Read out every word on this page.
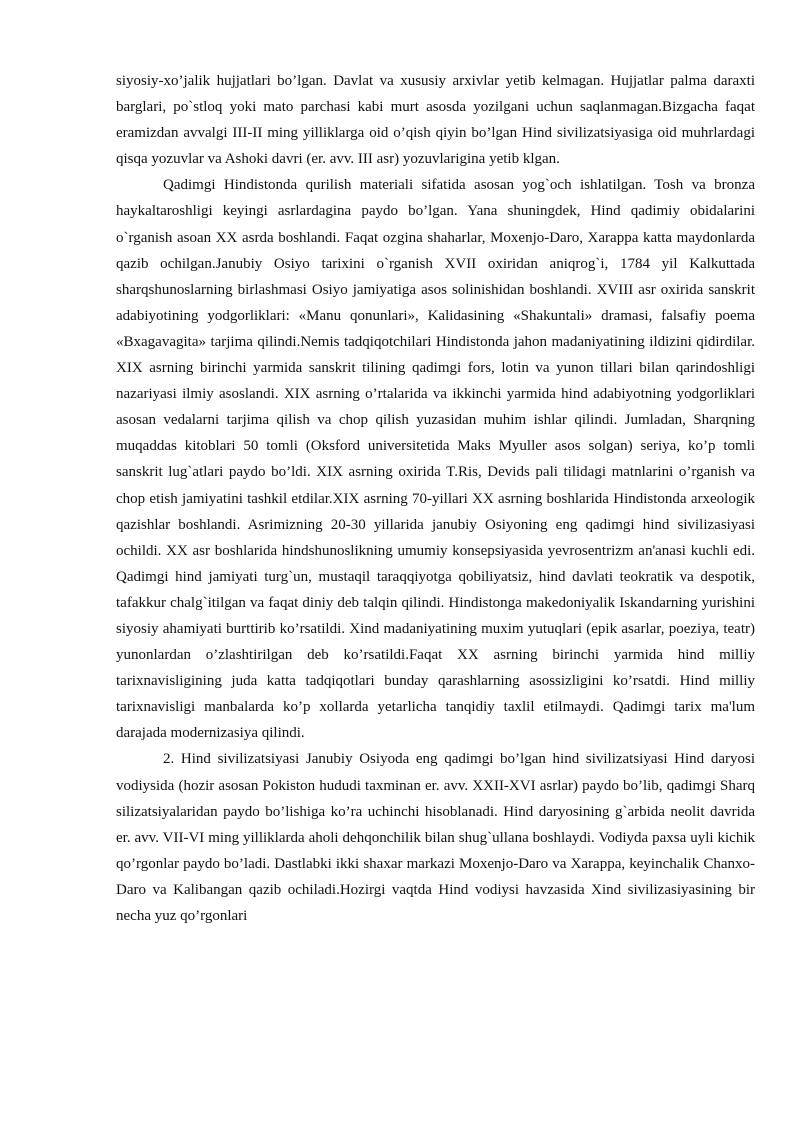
siyosiy-xo’jalik hujjatlari bo’lgan. Davlat va xususiy arxivlar yetib kelmagan. Hujjatlar palma daraxti barglari, po`stloq yoki mato parchasi kabi murt asosda yozilgani uchun saqlanmagan.Bizgacha faqat eramizdan avvalgi III-II ming yilliklarga oid o’qish qiyin bo’lgan Hind sivilizatsiyasiga oid muhrlardagi qisqa yozuvlar va Ashoki davri (er. avv. III asr) yozuvlarigina yetib klgan.

Qadimgi Hindistonda qurilish materiali sifatida asosan yog`och ishlatilgan. Tosh va bronza haykaltaroshligi keyingi asrlardagina paydo bo’lgan. Yana shuningdek, Hind qadimiy obidalarini o`rganish asoan XX asrda boshlandi. Faqat ozgina shaharlar, Moxenjo-Daro, Xarappa katta maydonlarda qazib ochilgan.Janubiy Osiyo tarixini o`rganish XVII oxiridan aniqrog`i, 1784 yil Kalkuttada sharqshunoslarning birlashmasi Osiyo jamiyatiga asos solinishidan boshlandi. XVIII asr oxirida sanskrit adabiyotining yodgorliklari: «Manu qonunlari», Kalidasining «Shakuntali» dramasi, falsafiy poema «Bxagavagita» tarjima qilindi.Nemis tadqiqotchilari Hindistonda jahon madaniyatining ildizini qidirdilar. XIX asrning birinchi yarmida sanskrit tilining qadimgi fors, lotin va yunon tillari bilan qarindoshligi nazariyasi ilmiy asoslandi. XIX asrning o’rtalarida va ikkinchi yarmida hind adabiyotning yodgorliklari asosan vedalarni tarjima qilish va chop qilish yuzasidan muhim ishlar qilindi. Jumladan, Sharqning muqaddas kitoblari 50 tomli (Oksford universitetida Maks Myuller asos solgan) seriya, ko’p tomli sanskrit lug`atlari paydo bo’ldi. XIX asrning oxirida T.Ris, Devids pali tilidagi matnlarini o’rganish va chop etish jamiyatini tashkil etdilar.XIX asrning 70-yillari XX asrning boshlarida Hindistonda arxeologik qazishlar boshlandi. Asrimizning 20-30 yillarida janubiy Osiyoning eng qadimgi hind sivilizasiyasi ochildi. XX asr boshlarida hindshunoslikning umumiy konsepsiyasida yevrosentrizm an'anasi kuchli edi. Qadimgi hind jamiyati turg`un, mustaqil taraqqiyotga qobiliyatsiz, hind davlati teokratik va despotik, tafakkur chalg`itilgan va faqat diniy deb talqin qilindi. Hindistonga makedoniyalik Iskandarning yurishini siyosiy ahamiyati burttirib ko’rsatildi. Xind madaniyatining muxim yutuqlari (epik asarlar, poeziya, teatr) yunonlardan o’zlashtirilgan deb ko’rsatildi.Faqat XX asrning birinchi yarmida hind milliy tarixnavisligining juda katta tadqiqotlari bunday qarashlarning asossizligini ko’rsatdi. Hind milliy tarixnavisligi manbalarda ko’p xollarda yetarlicha tanqidiy taxlil etilmaydi. Qadimgi tarix ma'lum darajada modernizasiya qilindi.

2. Hind sivilizatsiyasi Janubiy Osiyoda eng qadimgi bo’lgan hind sivilizatsiyasi Hind daryosi vodiysida (hozir asosan Pokiston hududi taxminan er. avv. XXII-XVI asrlar) paydo bo’lib, qadimgi Sharq silizatsiyalaridan paydo bo’lishiga ko’ra uchinchi hisoblanadi. Hind daryosining g`arbida neolit davrida er. avv. VII-VI ming yilliklarda aholi dehqonchilik bilan shug`ullana boshlaydi. Vodiyda paxsa uyli kichik qo’rgonlar paydo bo’ladi. Dastlabki ikki shaxar markazi Moxenjo-Daro va Xarappa, keyinchalik Chanxo-Daro va Kalibangan qazib ochiladi.Hozirgi vaqtda Hind vodiysi havzasida Xind sivilizasiyasining bir necha yuz qo’rgonlari
